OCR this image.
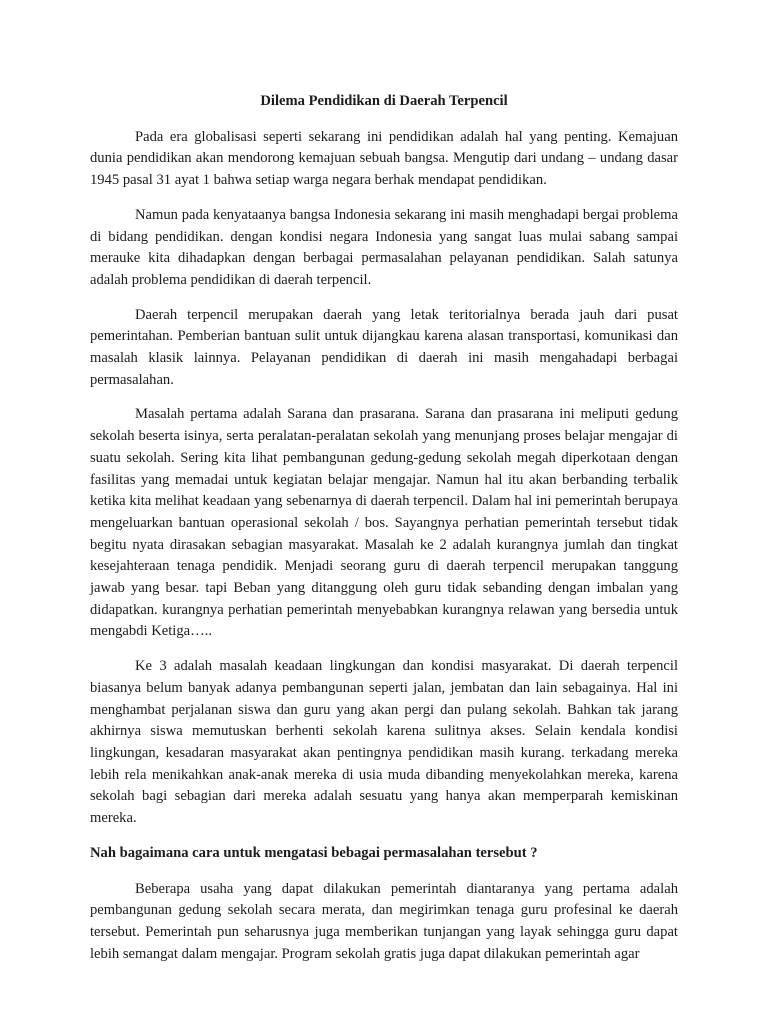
Dilema Pendidikan di Daerah Terpencil

Pada era globalisasi seperti sekarang ini pendidikan adalah hal yang penting. Kemajuan dunia pendidikan akan mendorong kemajuan sebuah bangsa. Mengutip dari undang – undang dasar 1945 pasal 31 ayat 1 bahwa setiap warga negara berhak mendapat pendidikan.

Namun pada kenyataanya bangsa Indonesia sekarang ini masih menghadapi bergai problema di bidang pendidikan. dengan kondisi negara Indonesia yang sangat luas mulai sabang sampai merauke kita dihadapkan dengan berbagai permasalahan pelayanan pendidikan. Salah satunya adalah problema pendidikan di daerah terpencil.

Daerah terpencil merupakan daerah yang letak teritorialnya berada jauh dari pusat pemerintahan. Pemberian bantuan sulit untuk dijangkau karena alasan transportasi, komunikasi dan masalah klasik lainnya. Pelayanan pendidikan di daerah ini masih mengahadapi berbagai permasalahan.

Masalah pertama adalah Sarana dan prasarana. Sarana dan prasarana ini meliputi gedung sekolah beserta isinya, serta peralatan-peralatan sekolah yang menunjang proses belajar mengajar di suatu sekolah. Sering kita lihat pembangunan gedung-gedung sekolah megah diperkotaan dengan fasilitas yang memadai untuk kegiatan belajar mengajar. Namun hal itu akan berbanding terbalik ketika kita melihat keadaan yang sebenarnya di daerah terpencil. Dalam hal ini pemerintah berupaya mengeluarkan bantuan operasional sekolah / bos. Sayangnya perhatian pemerintah tersebut tidak begitu nyata dirasakan sebagian masyarakat. Masalah ke 2 adalah kurangnya jumlah dan tingkat kesejahteraan tenaga pendidik. Menjadi seorang guru di daerah terpencil merupakan tanggung jawab yang besar. tapi Beban yang ditanggung oleh guru tidak sebanding dengan imbalan yang didapatkan. kurangnya perhatian pemerintah menyebabkan kurangnya relawan yang bersedia untuk mengabdi Ketiga…..

Ke 3 adalah masalah keadaan lingkungan dan kondisi masyarakat. Di daerah terpencil biasanya belum banyak adanya pembangunan seperti jalan, jembatan dan lain sebagainya. Hal ini menghambat perjalanan siswa dan guru yang akan pergi dan pulang sekolah. Bahkan tak jarang akhirnya siswa memutuskan berhenti sekolah karena sulitnya akses. Selain kendala kondisi lingkungan, kesadaran masyarakat akan pentingnya pendidikan masih kurang. terkadang mereka lebih rela menikahkan anak-anak mereka di usia muda dibanding menyekolahkan mereka, karena sekolah bagi sebagian dari mereka adalah sesuatu yang hanya akan memperparah kemiskinan mereka.

Nah bagaimana cara untuk mengatasi bebagai permasalahan tersebut ?

Beberapa usaha yang dapat dilakukan pemerintah diantaranya yang pertama adalah pembangunan gedung sekolah secara merata, dan megirimkan tenaga guru profesinal ke daerah tersebut. Pemerintah pun seharusnya juga memberikan tunjangan yang layak sehingga guru dapat lebih semangat dalam mengajar. Program sekolah gratis juga dapat dilakukan pemerintah agar
